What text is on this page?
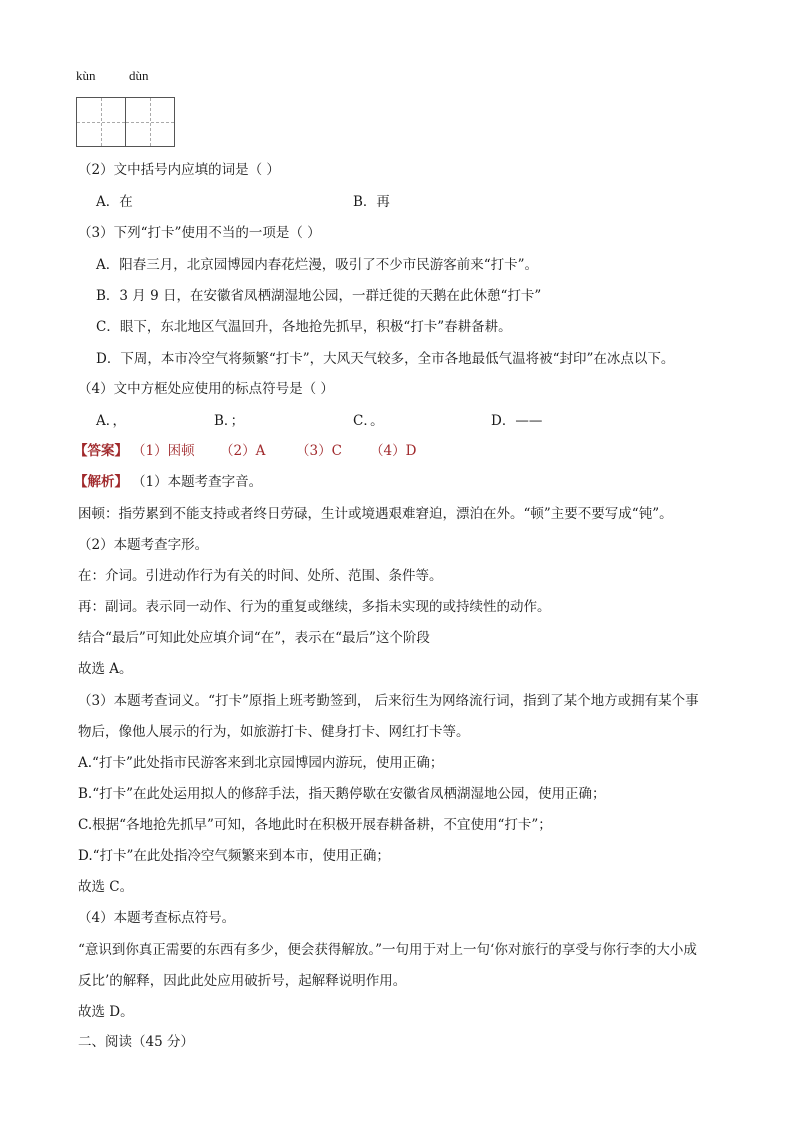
kùn	dùn
（2）文中括号内应填的词是（ ）
A．在	B．再
（3）下列“打卡”使用不当的一项是（ ）
A．阳春三月，北京园博园内春花烂漫，吸引了不少市民游客前来“打卡”。
B．3 月 9 日，在安徽省凤栖湖湿地公园，一群迁徙的天鹅在此休憩“打卡”
C．眼下，东北地区气温回升，各地抢先抓早，积极“打卡”春耕备耕。
D．下周，本市冷空气将频繁“打卡”，大风天气较多，全市各地最低气温将被“封印”在冰点以下。
（4）文中方框处应使用的标点符号是（ ）
A．，	B．；	C．。	D．——
【答案】 （1）困顿 （2）A （3）C （4）D
【解析】 （1）本题考查字音。
困顿：指劳累到不能支持或者终日劳碌，生计或境遇艰难窘迫，漂泊在外。“顿”主要不要写成“钝”。
（2）本题考查字形。
在：介词。引进动作行为有关的时间、处所、范围、条件等。
再：副词。表示同一动作、行为的重复或继续，多指未实现的或持续性的动作。
结合“最后”可知此处应填介词“在”，表示在“最后”这个阶段
故选 A。
（3）本题考查词义。“打卡”原指上班考勤签到， 后来衍生为网络流行词，指到了某个地方或拥有某个事
物后，像他人展示的行为，如旅游打卡、健身打卡、网红打卡等。
A.“打卡”此处指市民游客来到北京园博园内游玩，使用正确；
B.“打卡”在此处运用拟人的修辞手法，指天鹅停歇在安徽省凤栖湖湿地公园，使用正确；
C.根据“各地抢先抓早”可知，各地此时在积极开展春耕备耕，不宜使用“打卡”；
D.“打卡”在此处指冷空气频繁来到本市，使用正确；
故选 C。
（4）本题考查标点符号。
“意识到你真正需要的东西有多少，便会获得解放。”一句用于对上一句‘你对旅行的享受与你行李的大小成
反比’的解释，因此此处应用破折号，起解释说明作用。
故选 D。
二、阅读（45 分）
